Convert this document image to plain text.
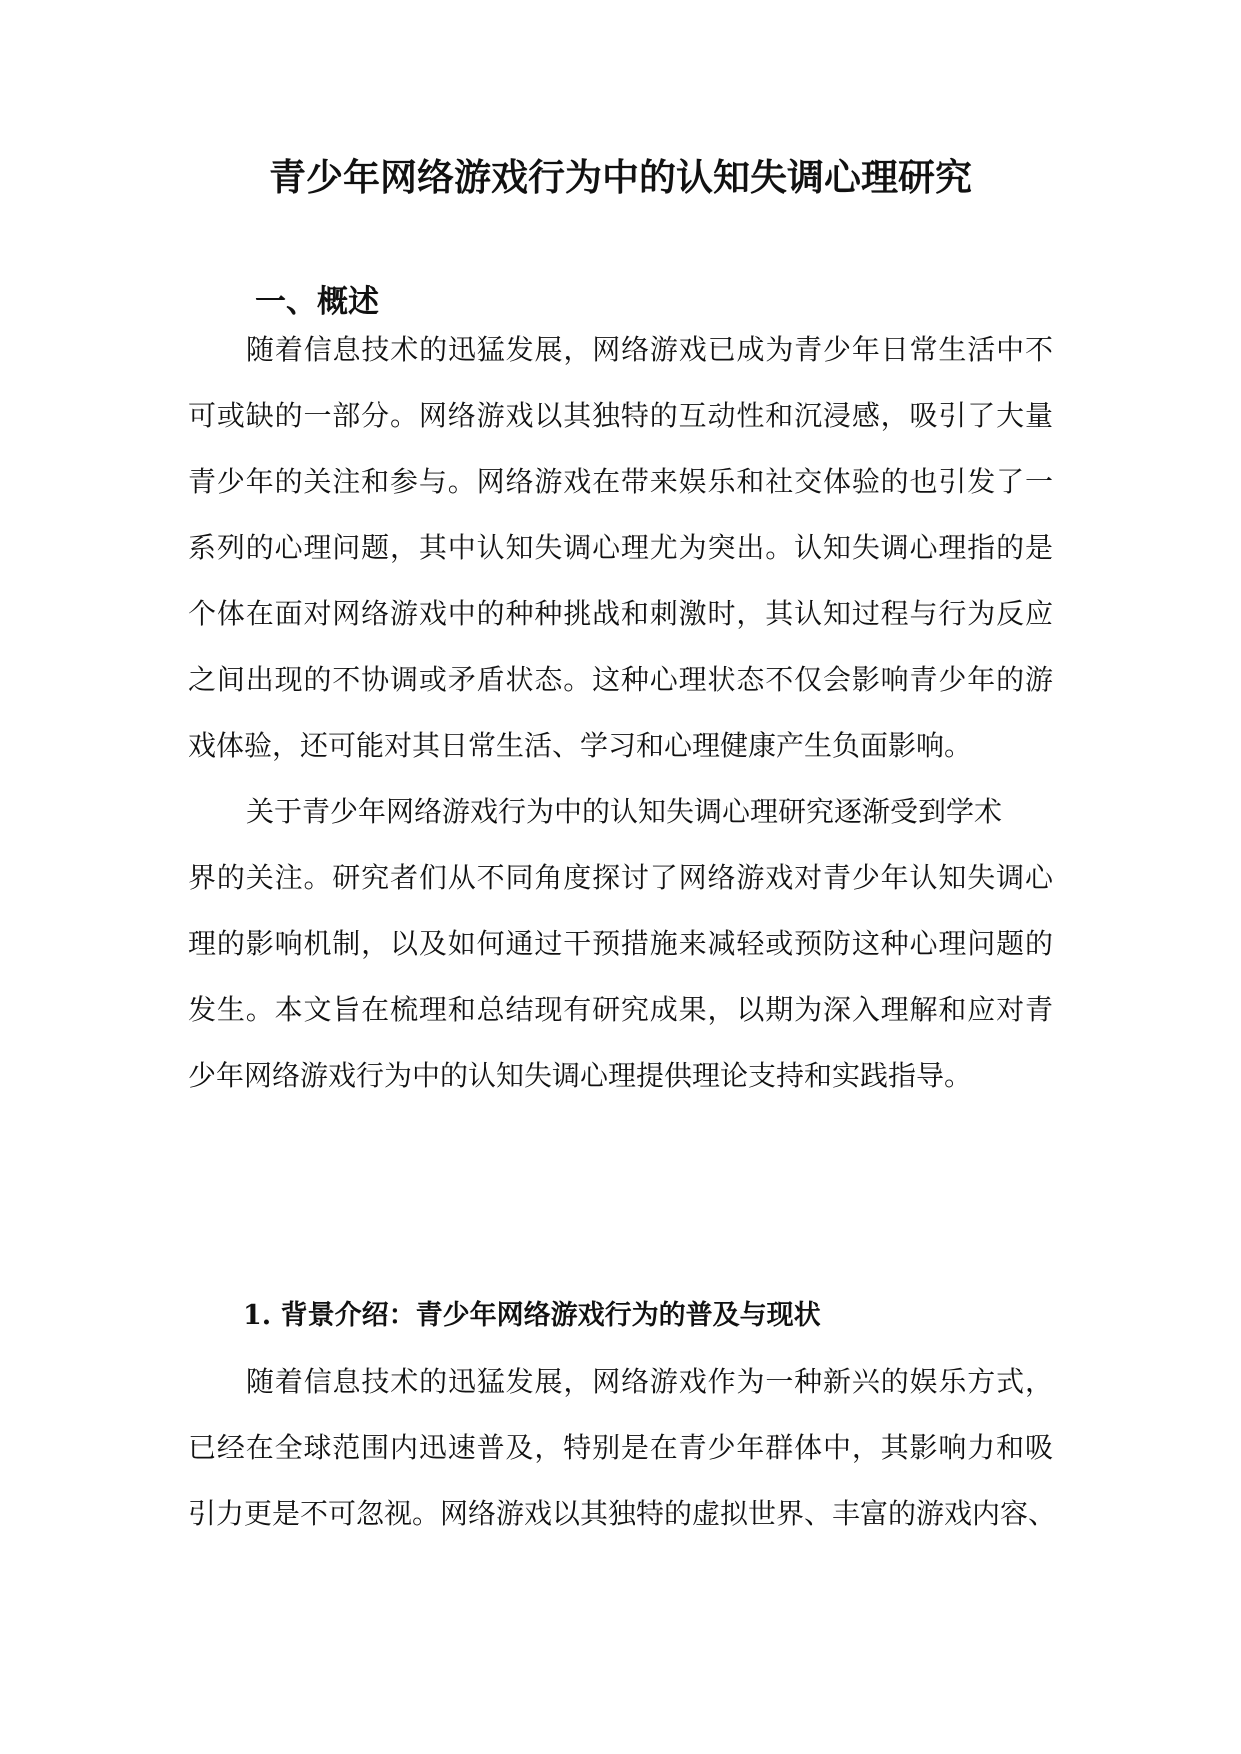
青少年网络游戏行为中的认知失调心理研究
一、概述
随着信息技术的迅猛发展，网络游戏已成为青少年日常生活中不
可或缺的一部分。网络游戏以其独特的互动性和沉浸感，吸引了大量
青少年的关注和参与。网络游戏在带来娱乐和社交体验的也引发了一
系列的心理问题，其中认知失调心理尤为突出。认知失调心理指的是
个体在面对网络游戏中的种种挑战和刺激时，其认知过程与行为反应
之间出现的不协调或矛盾状态。这种心理状态不仅会影响青少年的游
戏体验，还可能对其日常生活、学习和心理健康产生负面影响。
关于青少年网络游戏行为中的认知失调心理研究逐渐受到学术
界的关注。研究者们从不同角度探讨了网络游戏对青少年认知失调心
理的影响机制，以及如何通过干预措施来减轻或预防这种心理问题的
发生。本文旨在梳理和总结现有研究成果，以期为深入理解和应对青
少年网络游戏行为中的认知失调心理提供理论支持和实践指导。
1. 背景介绍：青少年网络游戏行为的普及与现状
随着信息技术的迅猛发展，网络游戏作为一种新兴的娱乐方式，
已经在全球范围内迅速普及，特别是在青少年群体中，其影响力和吸
引力更是不可忽视。网络游戏以其独特的虚拟世界、丰富的游戏内容、
